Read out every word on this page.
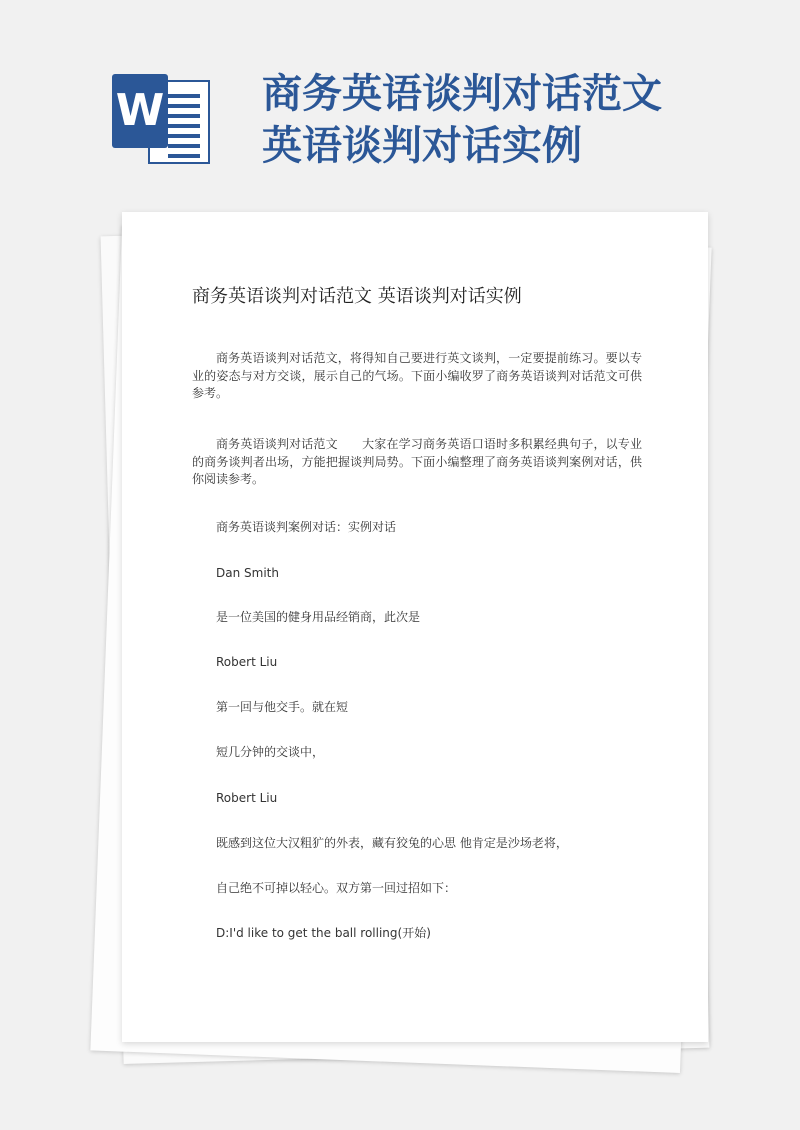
W 商务英语谈判对话范文
英语谈判对话实例
商务英语谈判对话范文 英语谈判对话实例
商务英语谈判对话范文，将得知自己要进行英文谈判，一定要提前练习。要以专业的姿态与对方交谈，展示自己的气场。下面小编收罗了商务英语谈判对话范文可供参考。
商务英语谈判对话范文　　大家在学习商务英语口语时多积累经典句子，以专业的商务谈判者出场，方能把握谈判局势。下面小编整理了商务英语谈判案例对话，供你阅读参考。
商务英语谈判案例对话：实例对话
Dan Smith
是一位美国的健身用品经销商，此次是
Robert Liu
第一回与他交手。就在短
短几分钟的交谈中，
Robert Liu
既感到这位大汉粗犷的外表，藏有狡兔的心思 他肯定是沙场老将，
自己绝不可掉以轻心。双方第一回过招如下：
D:I'd like to get the ball rolling(开始)
